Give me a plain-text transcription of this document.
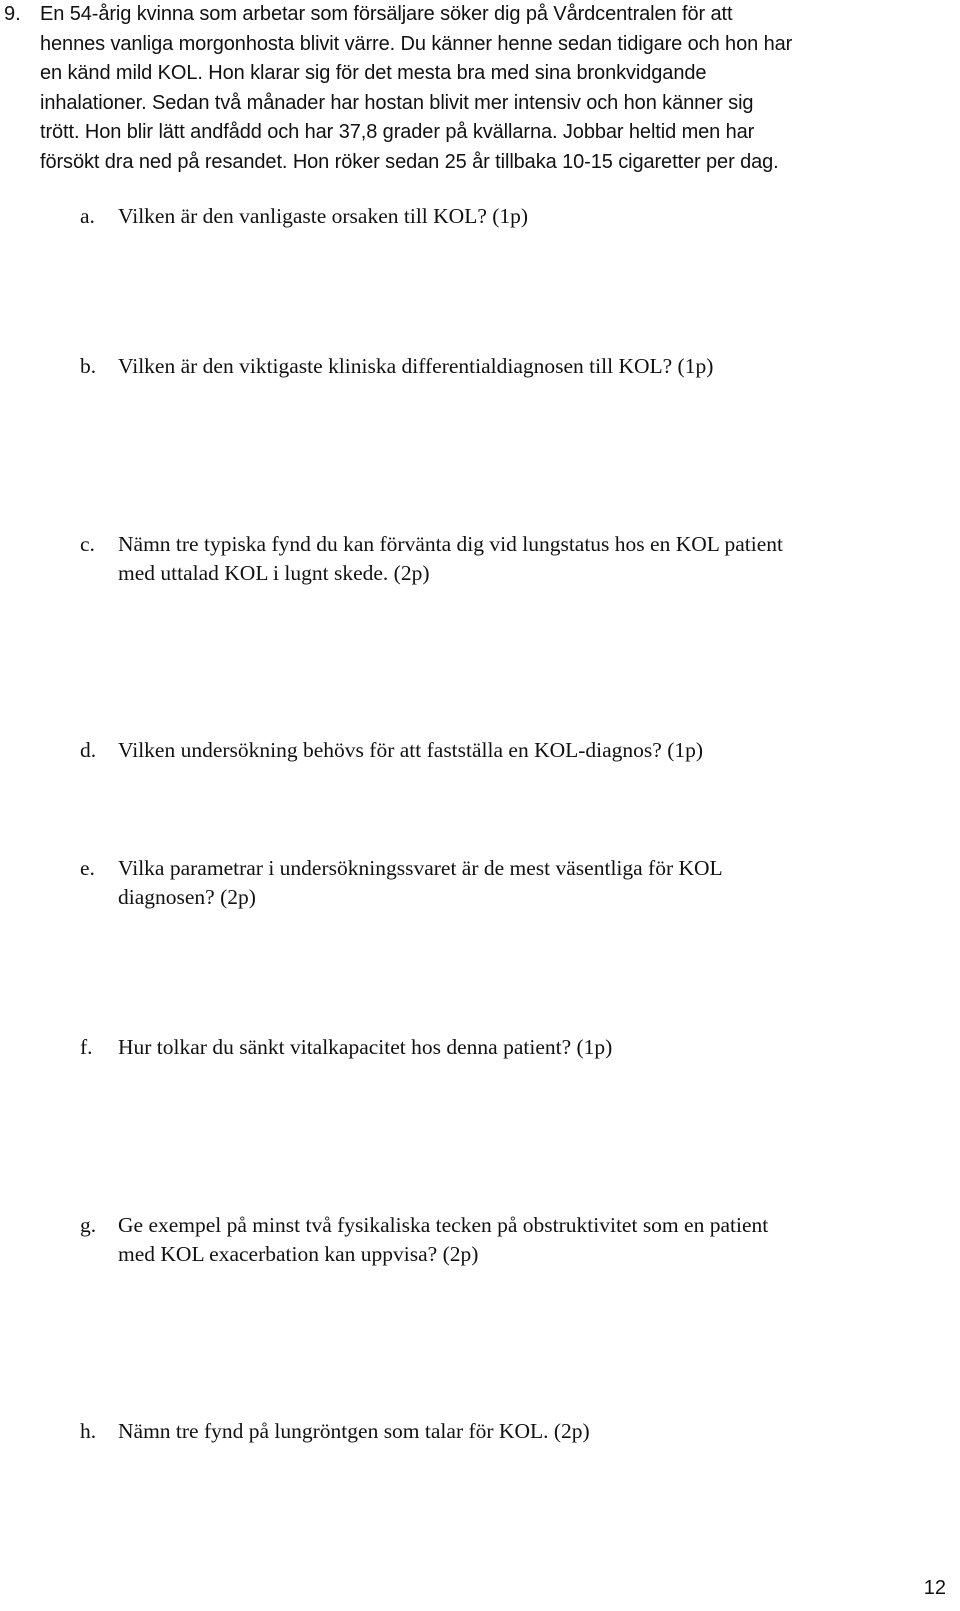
9. En 54-årig kvinna som arbetar som försäljare söker dig på Vårdcentralen för att
hennes vanliga morgonhosta blivit värre. Du känner henne sedan tidigare och hon har
en känd mild KOL. Hon klarar sig för det mesta bra med sina bronkvidgande
inhalationer. Sedan två månader har hostan blivit mer intensiv och hon känner sig
trött. Hon blir lätt andfådd och har 37,8 grader på kvällarna. Jobbar heltid men har
försökt dra ned på resandet. Hon röker sedan 25 år tillbaka 10-15 cigaretter per dag.
a. Vilken är den vanligaste orsaken till KOL? (1p)
b. Vilken är den viktigaste kliniska differentialdiagnosen till KOL? (1p)
c. Nämn tre typiska fynd du kan förvänta dig vid lungstatus hos en KOL patient
med uttalad KOL i lugnt skede. (2p)
d. Vilken undersökning behövs för att fastställa en KOL-diagnos? (1p)
e. Vilka parametrar i undersökningssvaret är de mest väsentliga för KOL
diagnosen? (2p)
f. Hur tolkar du sänkt vitalkapacitet hos denna patient? (1p)
g. Ge exempel på minst två fysikaliska tecken på obstruktivitet som en patient
med KOL exacerbation kan uppvisa? (2p)
h. Nämn tre fynd på lungröntgen som talar för KOL. (2p)
12
